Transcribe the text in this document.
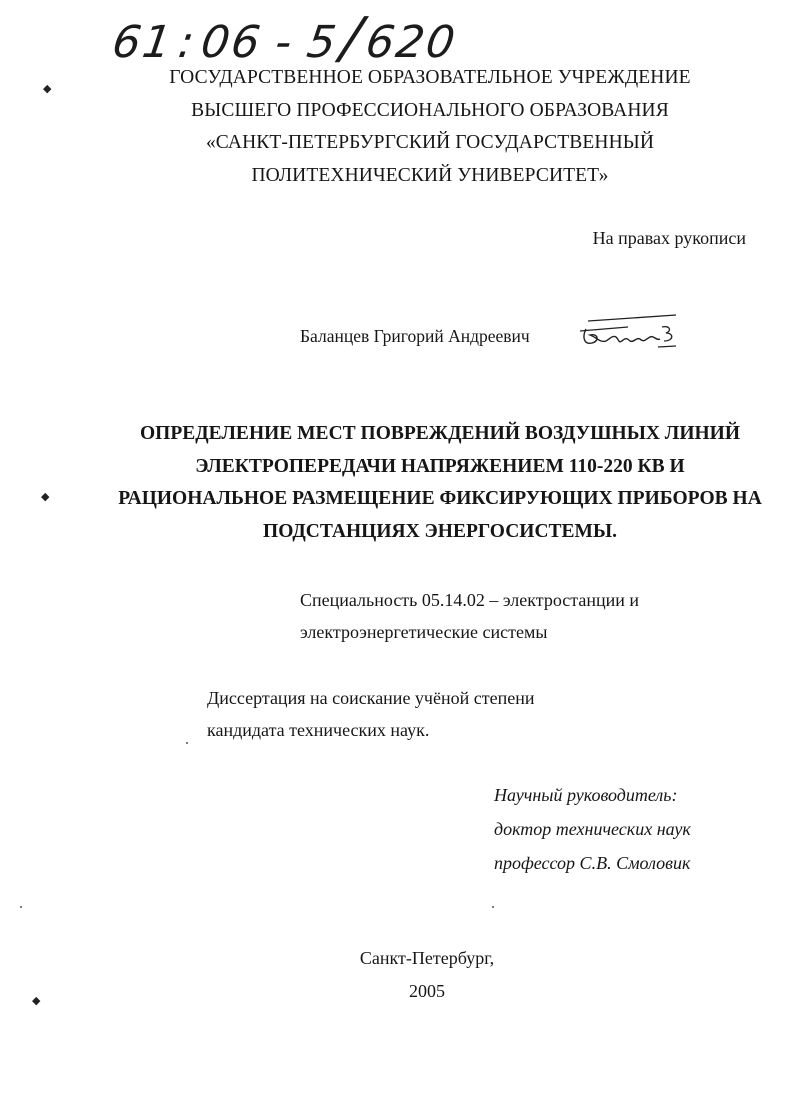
61:06 - 5/620
◆
◆
◆
ГОСУДАРСТВЕННОЕ ОБРАЗОВАТЕЛЬНОЕ УЧРЕЖДЕНИЕ
ВЫСШЕГО ПРОФЕССИОНАЛЬНОГО ОБРАЗОВАНИЯ
«САНКТ-ПЕТЕРБУРГСКИЙ ГОСУДАРСТВЕННЫЙ
ПОЛИТЕХНИЧЕСКИЙ УНИВЕРСИТЕТ»
На правах рукописи
Баланцев Григорий Андреевич
ОПРЕДЕЛЕНИЕ МЕСТ ПОВРЕЖДЕНИЙ ВОЗДУШНЫХ ЛИНИЙ
ЭЛЕКТРОПЕРЕДАЧИ НАПРЯЖЕНИЕМ 110-220 КВ И
РАЦИОНАЛЬНОЕ РАЗМЕЩЕНИЕ ФИКСИРУЮЩИХ ПРИБОРОВ НА
ПОДСТАНЦИЯХ ЭНЕРГОСИСТЕМЫ.
Специальность 05.14.02 – электростанции и
электроэнергетические системы
Диссертация на соискание учёной степени
кандидата технических наук.
Научный руководитель:
доктор технических наук
профессор С.В. Смоловик
Санкт-Петербург,
2005
